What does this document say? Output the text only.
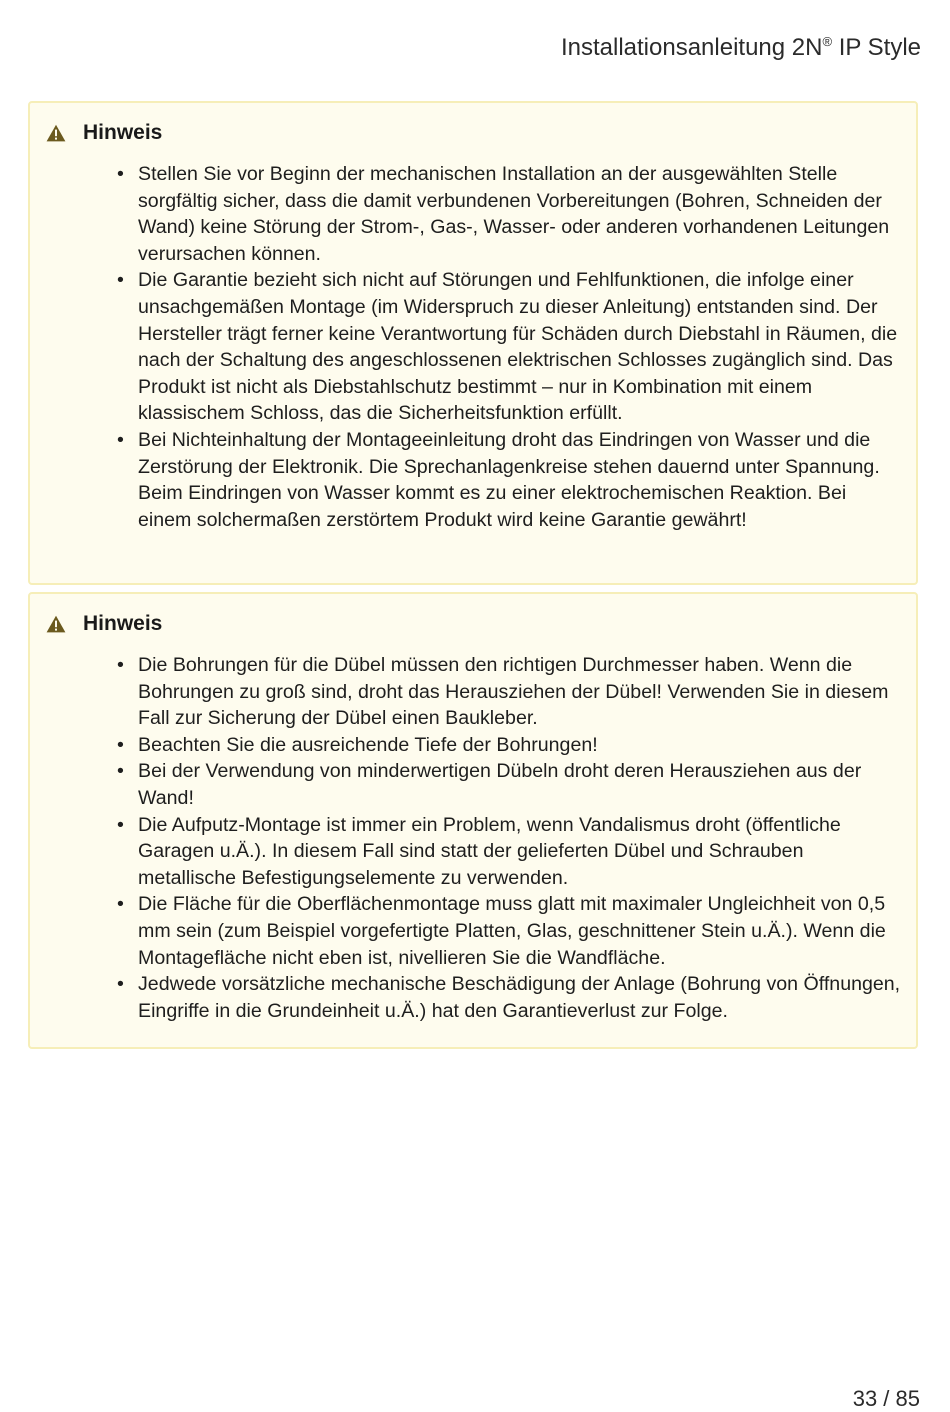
Installationsanleitung 2N® IP Style
Hinweis
• Stellen Sie vor Beginn der mechanischen Installation an der ausgewählten Stelle sorgfältig sicher, dass die damit verbundenen Vorbereitungen (Bohren, Schneiden der Wand) keine Störung der Strom-, Gas-, Wasser- oder anderen vorhandenen Leitungen verursachen können.
• Die Garantie bezieht sich nicht auf Störungen und Fehlfunktionen, die infolge einer unsachgemäßen Montage (im Widerspruch zu dieser Anleitung) entstanden sind. Der Hersteller trägt ferner keine Verantwortung für Schäden durch Diebstahl in Räumen, die nach der Schaltung des angeschlossenen elektrischen Schlosses zugänglich sind. Das Produkt ist nicht als Diebstahlschutz bestimmt – nur in Kombination mit einem klassischem Schloss, das die Sicherheitsfunktion erfüllt.
• Bei Nichteinhaltung der Montageeinleitung droht das Eindringen von Wasser und die Zerstörung der Elektronik. Die Sprechanlagenkreise stehen dauernd unter Spannung. Beim Eindringen von Wasser kommt es zu einer elektrochemischen Reaktion. Bei einem solchermaßen zerstörtem Produkt wird keine Garantie gewährt!
Hinweis
• Die Bohrungen für die Dübel müssen den richtigen Durchmesser haben. Wenn die Bohrungen zu groß sind, droht das Herausziehen der Dübel! Verwenden Sie in diesem Fall zur Sicherung der Dübel einen Baukleber.
• Beachten Sie die ausreichende Tiefe der Bohrungen!
• Bei der Verwendung von minderwertigen Dübeln droht deren Herausziehen aus der Wand!
• Die Aufputz-Montage ist immer ein Problem, wenn Vandalismus droht (öffentliche Garagen u.Ä.). In diesem Fall sind statt der gelieferten Dübel und Schrauben metallische Befestigungselemente zu verwenden.
• Die Fläche für die Oberflächenmontage muss glatt mit maximaler Ungleichheit von 0,5 mm sein (zum Beispiel vorgefertigte Platten, Glas, geschnittener Stein u.Ä.). Wenn die Montagefläche nicht eben ist, nivellieren Sie die Wandfläche.
• Jedwede vorsätzliche mechanische Beschädigung der Anlage (Bohrung von Öffnungen, Eingriffe in die Grundeinheit u.Ä.) hat den Garantieverlust zur Folge.
33 / 85
